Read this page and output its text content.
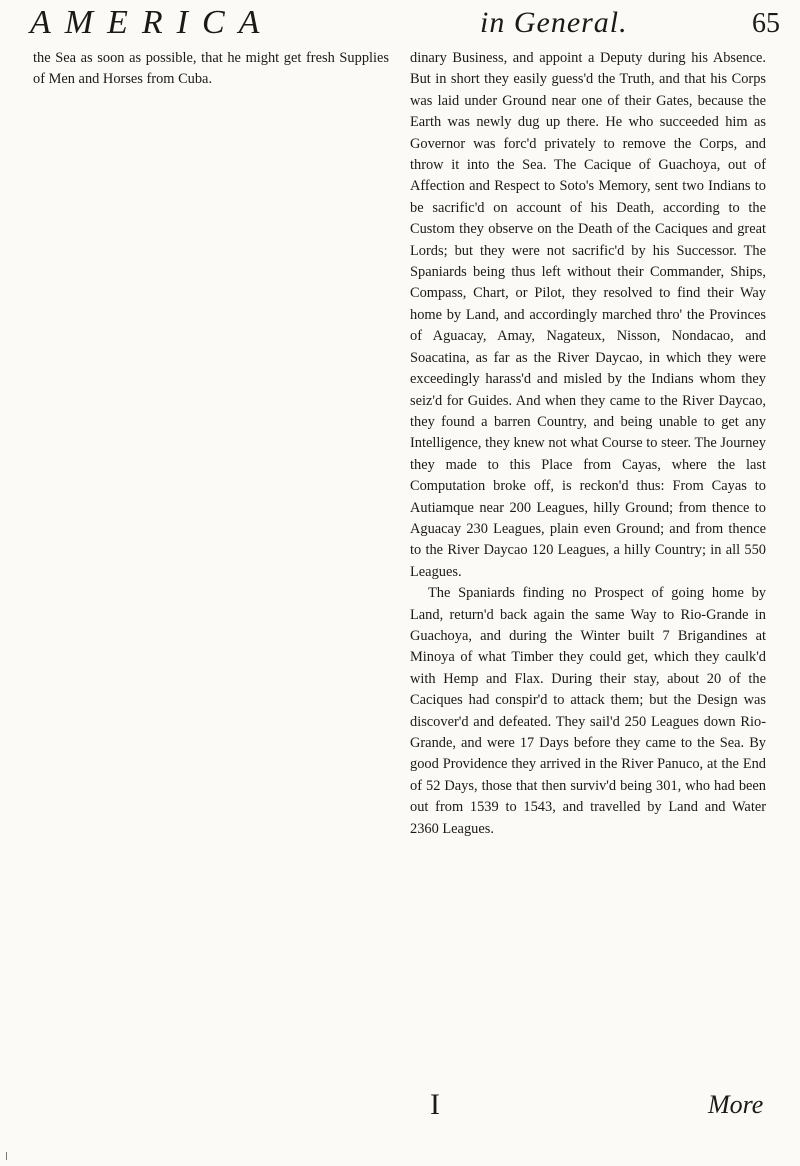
AMERICA	in General.	65

the Sea as soon as possible, that he might get fresh Supplies of Men and Horses from Cuba.

dinary Business, and appoint a Deputy during his Absence. But in short they easily guess'd the Truth, and that his Corps was laid under Ground near one of their Gates, because the Earth was newly dug up there. He who succeeded him as Governor was forc'd privately to remove the Corps, and throw it into the Sea. The Cacique of Guachoya, out of Affection and Respect to Soto's Memory, sent two Indians to be sacrific'd on account of his Death, according to the Custom they observe on the Death of the Caciques and great Lords; but they were not sacrific'd by his Successor. The Spaniards being thus left without their Commander, Ships, Compass, Chart, or Pilot, they resolved to find their Way home by Land, and accordingly marched thro' the Provinces of Aguacay, Amay, Nagateux, Nisson, Nondacao, and Soacatina, as far as the River Daycao, in which they were exceedingly harass'd and misled by the Indians whom they seiz'd for Guides. And when they came to the River Daycao, they found a barren Country, and being unable to get any Intelligence, they knew not what Course to steer. The Journey they made to this Place from Cayas, where the last Computation broke off, is reckon'd thus: From Cayas to Autiamque near 200 Leagues, hilly Ground; from thence to Aguacay 230 Leagues, plain even Ground; and from thence to the River Daycao 120 Leagues, a hilly Country; in all 550 Leagues.

The Spaniards finding no Prospect of going home by Land, return'd back again the same Way to Rio-Grande in Guachoya, and during the Winter built 7 Brigandines at Minoya of what Timber they could get, which they caulk'd with Hemp and Flax. During their stay, about 20 of the Caciques had conspir'd to attack them; but the Design was discover'd and defeated. They sail'd 250 Leagues down Rio-Grande, and were 17 Days before they came to the Sea. By good Providence they arrived in the River Panuco, at the End of 52 Days, those that then surviv'd being 301, who had been out from 1539 to 1543, and travelled by Land and Water 2360 Leagues.

I	More
